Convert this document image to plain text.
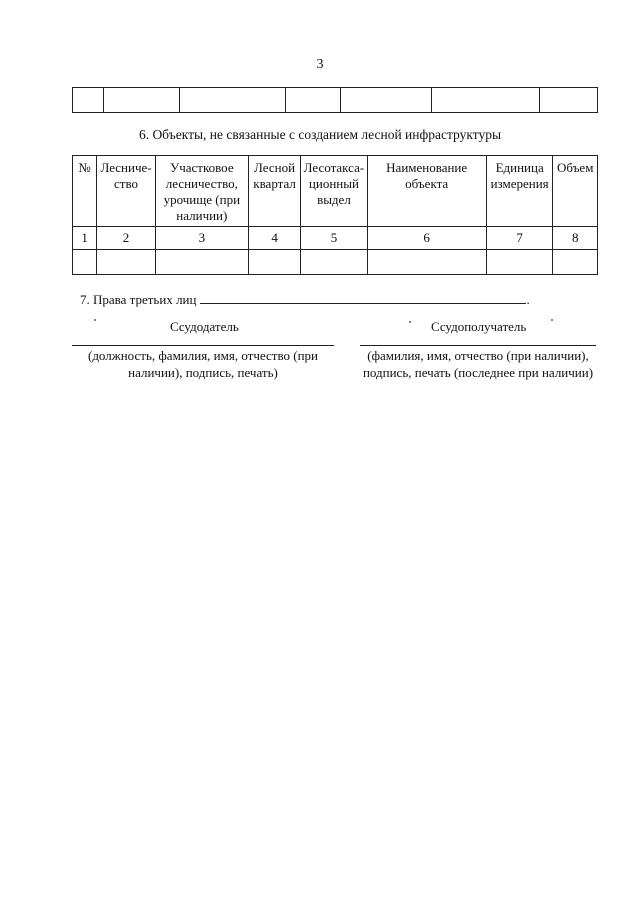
3

6. Объекты, не связанные с созданием лесной инфраструктуры
№	Лесниче-ство	Участковое лесничество, урочище (при наличии)	Лесной квартал	Лесотакса-ционный выдел	Наименование объекта	Единица измерения	Объем
1	2	3	4	5	6	7	8

7. Права третьих лиц	.
Ссудодатель	Ссудополучатель
(должность, фамилия, имя, отчество (при
наличии), подпись, печать)
(фамилия, имя, отчество (при наличии),
подпись, печать (последнее при наличии)
